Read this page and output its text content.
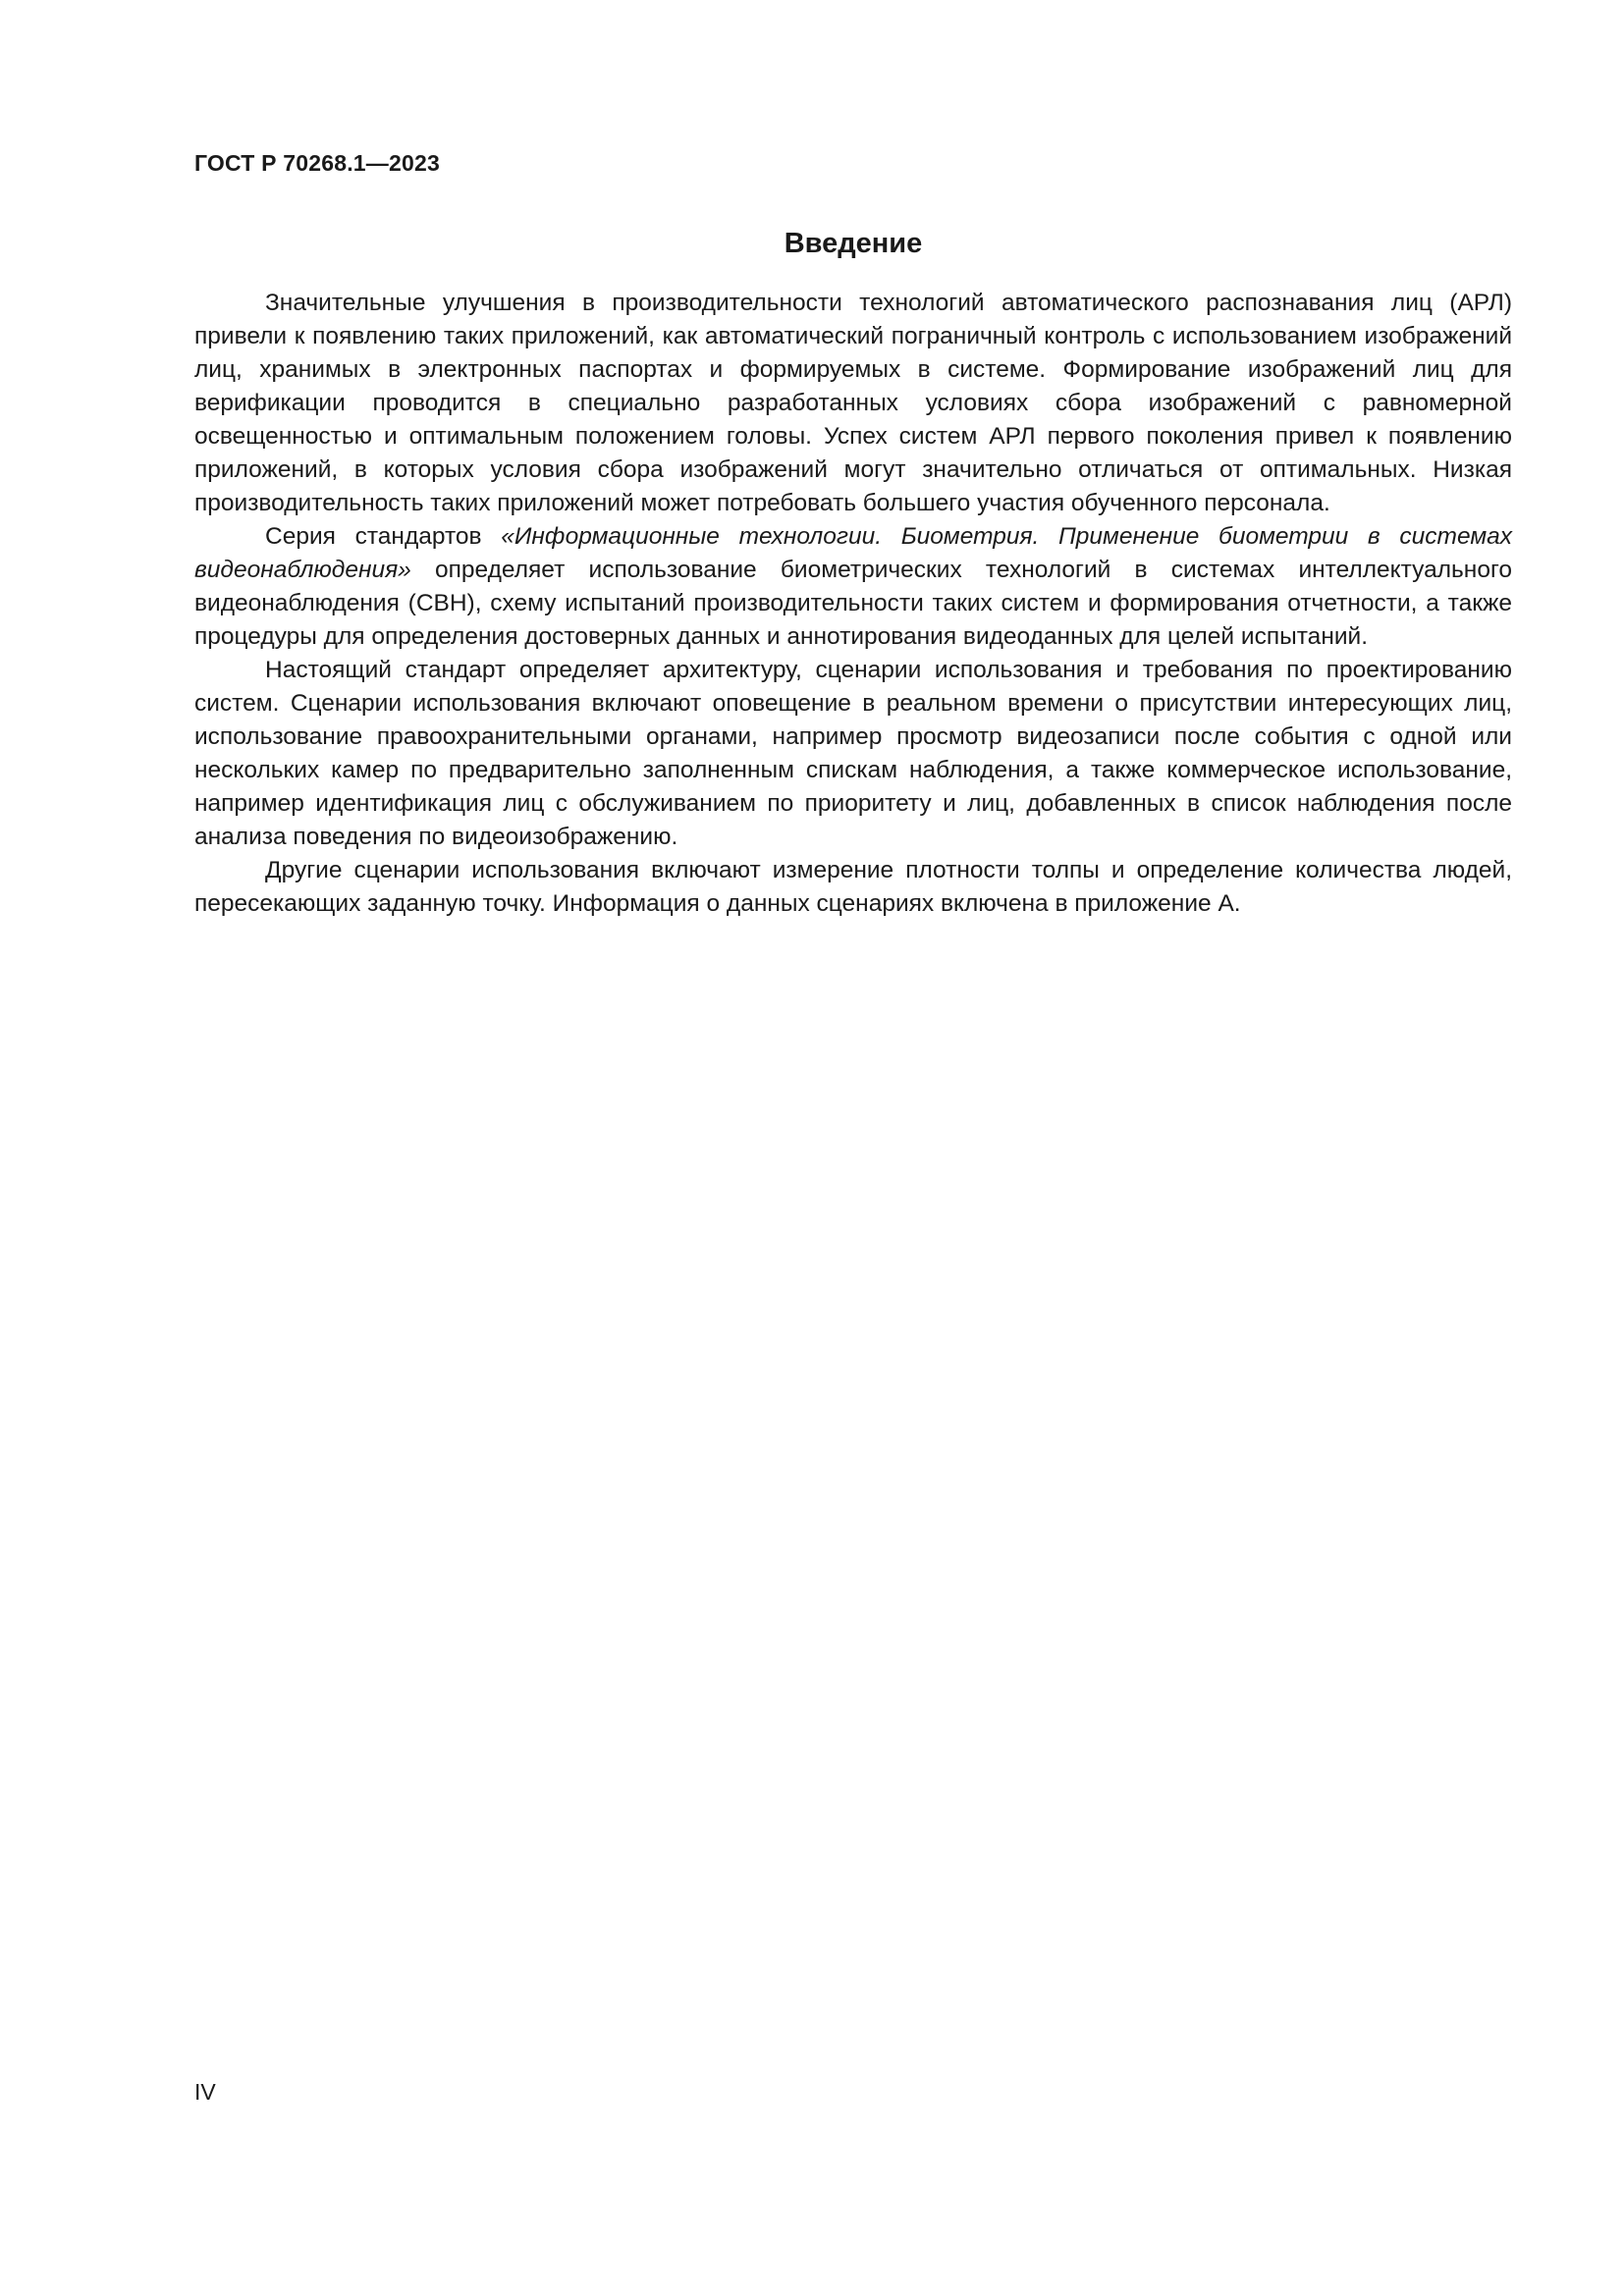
ГОСТ Р 70268.1—2023
Введение

Значительные улучшения в производительности технологий автоматического распознавания лиц (АРЛ) привели к появлению таких приложений, как автоматический пограничный контроль с использованием изображений лиц, хранимых в электронных паспортах и формируемых в системе. Формирование изображений лиц для верификации проводится в специально разработанных условиях сбора изображений с равномерной освещенностью и оптимальным положением головы. Успех систем АРЛ первого поколения привел к появлению приложений, в которых условия сбора изображений могут значительно отличаться от оптимальных. Низкая производительность таких приложений может потребовать большего участия обученного персонала.

Серия стандартов «Информационные технологии. Биометрия. Применение биометрии в системах видеонаблюдения» определяет использование биометрических технологий в системах интеллектуального видеонаблюдения (СВН), схему испытаний производительности таких систем и формирования отчетности, а также процедуры для определения достоверных данных и аннотирования видеоданных для целей испытаний.

Настоящий стандарт определяет архитектуру, сценарии использования и требования по проектированию систем. Сценарии использования включают оповещение в реальном времени о присутствии интересующих лиц, использование правоохранительными органами, например просмотр видеозаписи после события с одной или нескольких камер по предварительно заполненным спискам наблюдения, а также коммерческое использование, например идентификация лиц с обслуживанием по приоритету и лиц, добавленных в список наблюдения после анализа поведения по видеоизображению.

Другие сценарии использования включают измерение плотности толпы и определение количества людей, пересекающих заданную точку. Информация о данных сценариях включена в приложение А.

IV
